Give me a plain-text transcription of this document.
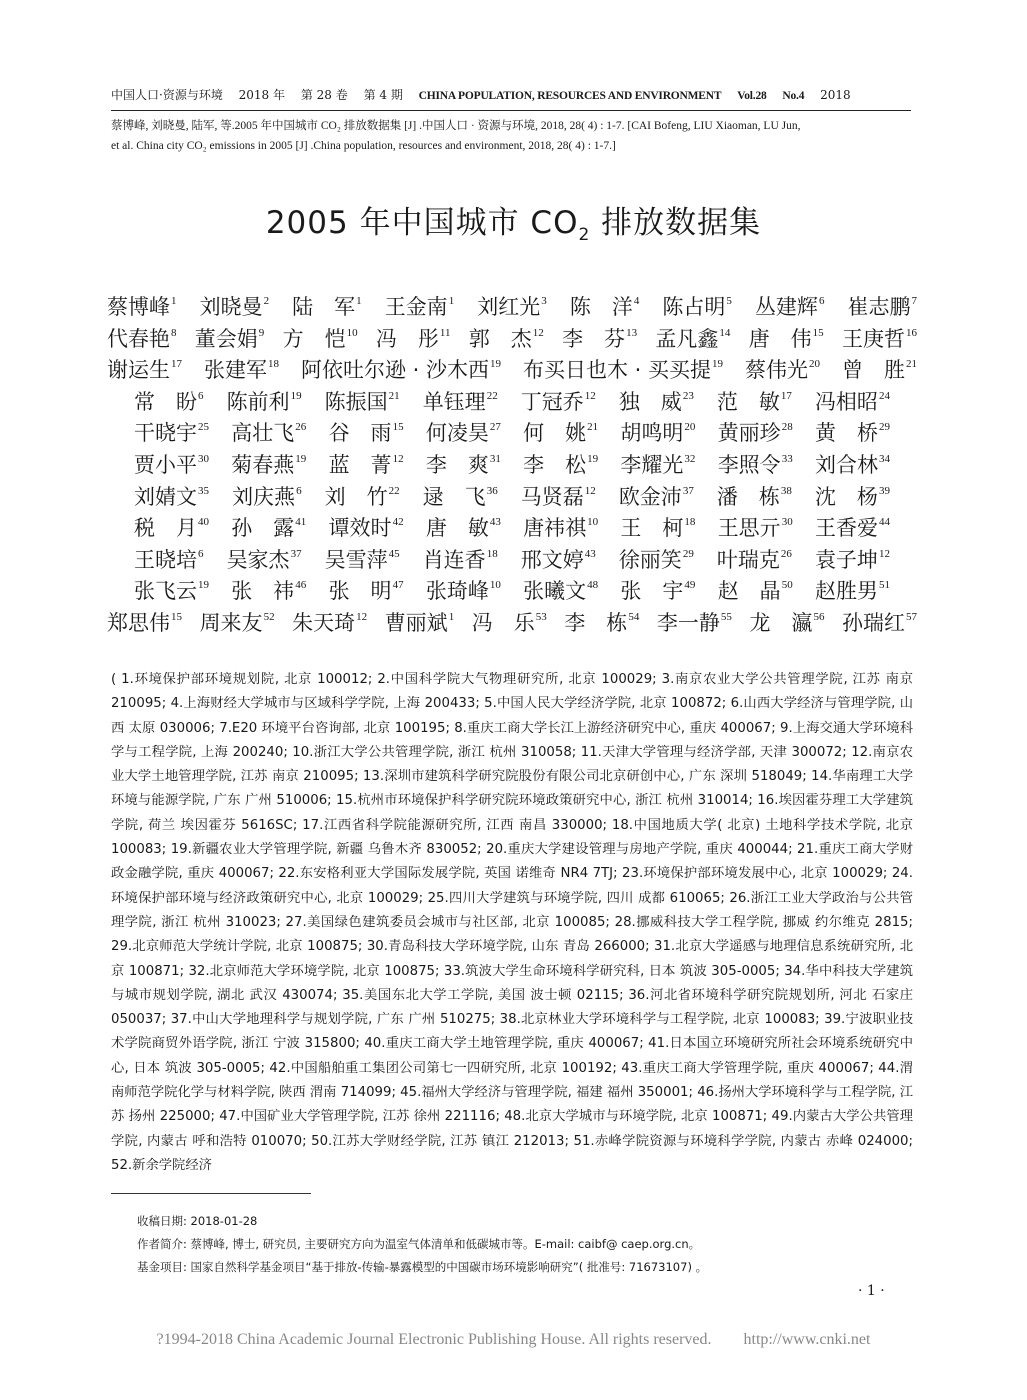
中国人口·资源与环境 2018 年 第 28 卷 第 4 期 CHINA POPULATION, RESOURCES AND ENVIRONMENT Vol.28 No.4 2018
蔡博峰, 刘晓曼, 陆军, 等.2005 年中国城市 CO₂ 排放数据集 [J] .中国人口 · 资源与环境, 2018, 28( 4) : 1-7. [CAI Bofeng, LIU Xiaoman, LU Jun,
et al. China city CO₂ emissions in 2005 [J] .China population, resources and environment, 2018, 28( 4) : 1-7.]
2005 年中国城市 $CO_2$ 排放数据集
蔡博峰$^1$ 刘晓曼$^2$ 陆　军$^1$ 王金南$^1$ 刘红光$^3$ 陈　洋$^4$ 陈占明$^5$ 丛建辉$^6$ 崔志鹏$^7$
代春艳$^8$ 董会娟$^9$ 方　恺$^{10}$ 冯　彤$^{11}$ 郭　杰$^{12}$ 李　芬$^{13}$ 孟凡鑫$^{14}$ 唐　伟$^{15}$ 王庚哲$^{16}$
谢运生$^{17}$ 张建军$^{18}$ 阿依吐尔逊 · 沙木西$^{19}$ 布买日也木 · 买买提$^{19}$ 蔡伟光$^{20}$ 曾　胜$^{21}$
常　盼$^6$ 陈前利$^{19}$ 陈振国$^{21}$ 单钰理$^{22}$ 丁冠乔$^{12}$ 独　威$^{23}$ 范　敏$^{17}$ 冯相昭$^{24}$
干晓宇$^{25}$ 高壮飞$^{26}$ 谷　雨$^{15}$ 何凌昊$^{27}$ 何　姚$^{21}$ 胡鸣明$^{20}$ 黄丽珍$^{28}$ 黄　桥$^{29}$
贾小平$^{30}$ 菊春燕$^{19}$ 蓝　菁$^{12}$ 李　爽$^{31}$ 李　松$^{19}$ 李耀光$^{32}$ 李照令$^{33}$ 刘合林$^{34}$
刘婧文$^{35}$ 刘庆燕$^6$ 刘　竹$^{22}$ 逯　飞$^{36}$ 马贤磊$^{12}$ 欧金沛$^{37}$ 潘　栋$^{38}$ 沈　杨$^{39}$
税　月$^{40}$ 孙　露$^{41}$ 谭效时$^{42}$ 唐　敏$^{43}$ 唐祎祺$^{10}$ 王　柯$^{18}$ 王思亓$^{30}$ 王香爱$^{44}$
王晓培$^6$ 吴家杰$^{37}$ 吴雪萍$^{45}$ 肖连香$^{18}$ 邢文婷$^{43}$ 徐丽笑$^{29}$ 叶瑞克$^{26}$ 袁子坤$^{12}$
张飞云$^{19}$ 张　祎$^{46}$ 张　明$^{47}$ 张琦峰$^{10}$ 张曦文$^{48}$ 张　宇$^{49}$ 赵　晶$^{50}$ 赵胜男$^{51}$
郑思伟$^{15}$ 周来友$^{52}$ 朱天琦$^{12}$ 曹丽斌$^1$ 冯　乐$^{53}$ 李　栋$^{54}$ 李一静$^{55}$ 龙　瀛$^{56}$ 孙瑞红$^{57}$
( 1.环境保护部环境规划院, 北京 100012; 2.中国科学院大气物理研究所, 北京 100029; 3.南京农业大学公共管理学院, 江苏 南京 210095; 4.上海财经大学城市与区域科学学院, 上海 200433; 5.中国人民大学经济学院, 北京 100872; 6.山西大学经济与管理学院, 山西 太原 030006; 7.E20 环境平台咨询部, 北京 100195; 8.重庆工商大学长江上游经济研究中心, 重庆 400067; 9.上海交通大学环境科学与工程学院, 上海 200240; 10.浙江大学公共管理学院, 浙江 杭州 310058; 11.天津大学管理与经济学部, 天津 300072; 12.南京农业大学土地管理学院, 江苏 南京 210095; 13.深圳市建筑科学研究院股份有限公司北京研创中心, 广东 深圳 518049; 14.华南理工大学环境与能源学院, 广东 广州 510006; 15.杭州市环境保护科学研究院环境政策研究中心, 浙江 杭州 310014; 16.埃因霍芬理工大学建筑学院, 荷兰 埃因霍芬 5616SC; 17.江西省科学院能源研究所, 江西 南昌 330000; 18.中国地质大学( 北京) 土地科学技术学院, 北京 100083; 19.新疆农业大学管理学院, 新疆 乌鲁木齐 830052; 20.重庆大学建设管理与房地产学院, 重庆 400044; 21.重庆工商大学财政金融学院, 重庆 400067; 22.东安格利亚大学国际发展学院, 英国 诺维奇 NR4 7TJ; 23.环境保护部环境发展中心, 北京 100029; 24.环境保护部环境与经济政策研究中心, 北京 100029; 25.四川大学建筑与环境学院, 四川 成都 610065; 26.浙江工业大学政治与公共管理学院, 浙江 杭州 310023; 27.美国绿色建筑委员会城市与社区部, 北京 100085; 28.挪威科技大学工程学院, 挪威 约尔维克 2815; 29.北京师范大学统计学院, 北京 100875; 30.青岛科技大学环境学院, 山东 青岛 266000; 31.北京大学遥感与地理信息系统研究所, 北京 100871; 32.北京师范大学环境学院, 北京 100875; 33.筑波大学生命环境科学研究科, 日本 筑波 305-0005; 34.华中科技大学建筑与城市规划学院, 湖北 武汉 430074; 35.美国东北大学工学院, 美国 波士顿 02115; 36.河北省环境科学研究院规划所, 河北 石家庄 050037; 37.中山大学地理科学与规划学院, 广东 广州 510275; 38.北京林业大学环境科学与工程学院, 北京 100083; 39.宁波职业技术学院商贸外语学院, 浙江 宁波 315800; 40.重庆工商大学土地管理学院, 重庆 400067; 41.日本国立环境研究所社会环境系统研究中心, 日本 筑波 305-0005; 42.中国船舶重工集团公司第七一四研究所, 北京 100192; 43.重庆工商大学管理学院, 重庆 400067; 44.渭南师范学院化学与材料学院, 陕西 渭南 714099; 45.福州大学经济与管理学院, 福建 福州 350001; 46.扬州大学环境科学与工程学院, 江苏 扬州 225000; 47.中国矿业大学管理学院, 江苏 徐州 221116; 48.北京大学城市与环境学院, 北京 100871; 49.内蒙古大学公共管理学院, 内蒙古 呼和浩特 010070; 50.江苏大学财经学院, 江苏 镇江 212013; 51.赤峰学院资源与环境科学学院, 内蒙古 赤峰 024000; 52.新余学院经济
收稿日期: 2018-01-28
作者简介: 蔡博峰, 博士, 研究员, 主要研究方向为温室气体清单和低碳城市等。E-mail: caibf@ caep.org.cn。
基金项目: 国家自然科学基金项目“基于排放-传输-暴露模型的中国碳市场环境影响研究”( 批准号: 71673107) 。
· 1 ·
?1994-2018 China Academic Journal Electronic Publishing House. All rights reserved.　　http://www.cnki.net
